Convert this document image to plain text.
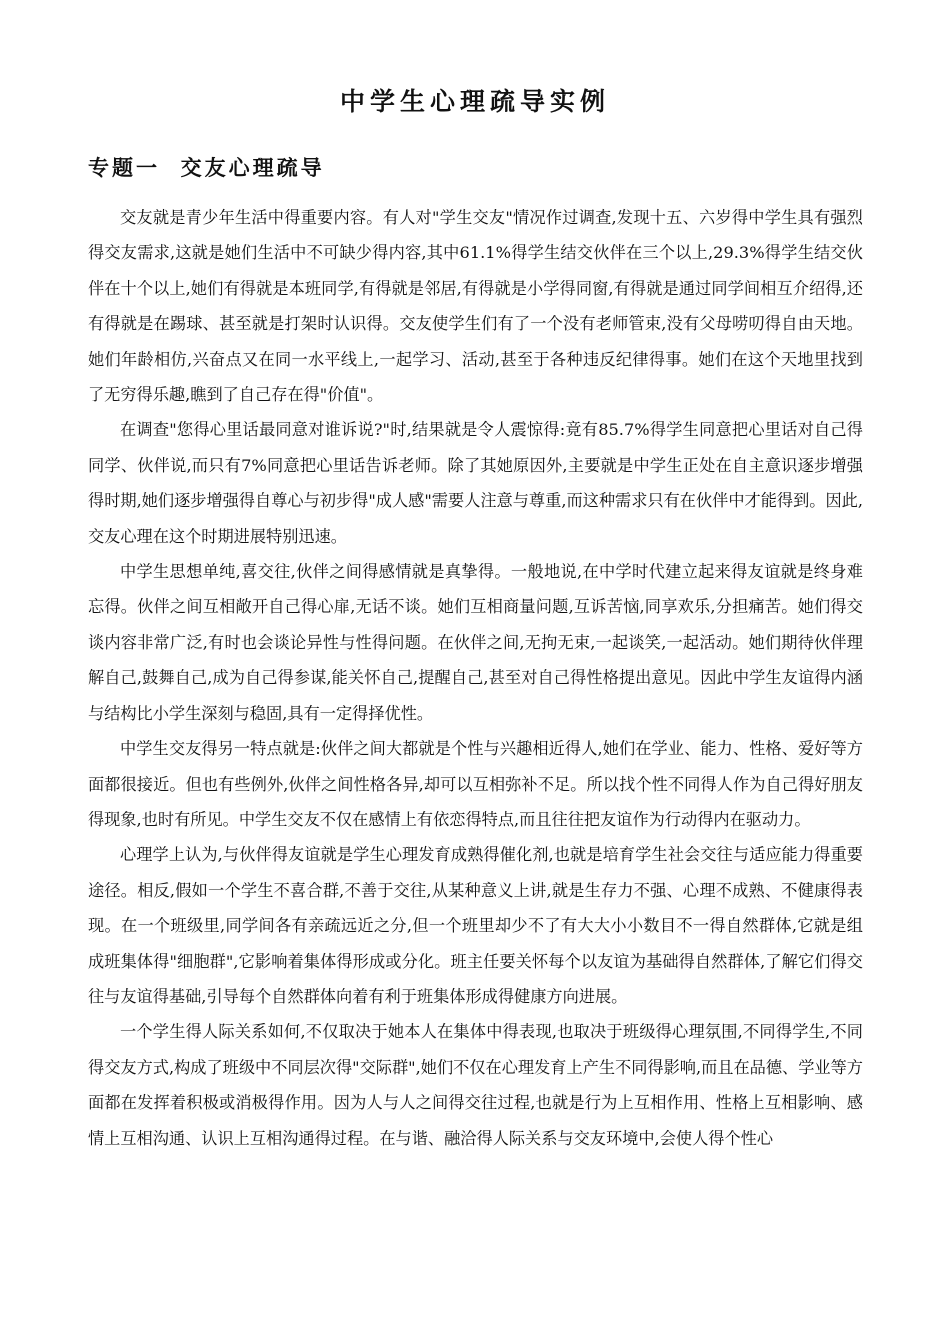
中学生心理疏导实例
专题一  交友心理疏导

交友就是青少年生活中得重要内容。有人对"学生交友"情况作过调查,发现十五、六岁得中学生具有强烈得交友需求,这就是她们生活中不可缺少得内容,其中61.1%得学生结交伙伴在三个以上,29.3%得学生结交伙伴在十个以上,她们有得就是本班同学,有得就是邻居,有得就是小学得同窗,有得就是通过同学间相互介绍得,还有得就是在踢球、甚至就是打架时认识得。交友使学生们有了一个没有老师管束,没有父母唠叨得自由天地。她们年龄相仿,兴奋点又在同一水平线上,一起学习、活动,甚至于各种违反纪律得事。她们在这个天地里找到了无穷得乐趣,瞧到了自己存在得"价值"。

在调查"您得心里话最同意对谁诉说?"时,结果就是令人震惊得:竟有85.7%得学生同意把心里话对自己得同学、伙伴说,而只有7%同意把心里话告诉老师。除了其她原因外,主要就是中学生正处在自主意识逐步增强得时期,她们逐步增强得自尊心与初步得"成人感"需要人注意与尊重,而这种需求只有在伙伴中才能得到。因此,交友心理在这个时期进展特别迅速。

中学生思想单纯,喜交往,伙伴之间得感情就是真挚得。一般地说,在中学时代建立起来得友谊就是终身难忘得。伙伴之间互相敞开自己得心扉,无话不谈。她们互相商量问题,互诉苦恼,同享欢乐,分担痛苦。她们得交谈内容非常广泛,有时也会谈论异性与性得问题。在伙伴之间,无拘无束,一起谈笑,一起活动。她们期待伙伴理解自己,鼓舞自己,成为自己得参谋,能关怀自己,提醒自己,甚至对自己得性格提出意见。因此中学生友谊得内涵与结构比小学生深刻与稳固,具有一定得择优性。

中学生交友得另一特点就是:伙伴之间大都就是个性与兴趣相近得人,她们在学业、能力、性格、爱好等方面都很接近。但也有些例外,伙伴之间性格各异,却可以互相弥补不足。所以找个性不同得人作为自己得好朋友得现象,也时有所见。中学生交友不仅在感情上有依恋得特点,而且往往把友谊作为行动得内在驱动力。

心理学上认为,与伙伴得友谊就是学生心理发育成熟得催化剂,也就是培育学生社会交往与适应能力得重要途径。相反,假如一个学生不喜合群,不善于交往,从某种意义上讲,就是生存力不强、心理不成熟、不健康得表现。在一个班级里,同学间各有亲疏远近之分,但一个班里却少不了有大大小小数目不一得自然群体,它就是组成班集体得"细胞群",它影响着集体得形成或分化。班主任要关怀每个以友谊为基础得自然群体,了解它们得交往与友谊得基础,引导每个自然群体向着有利于班集体形成得健康方向进展。

一个学生得人际关系如何,不仅取决于她本人在集体中得表现,也取决于班级得心理氛围,不同得学生,不同得交友方式,构成了班级中不同层次得"交际群",她们不仅在心理发育上产生不同得影响,而且在品德、学业等方面都在发挥着积极或消极得作用。因为人与人之间得交往过程,也就是行为上互相作用、性格上互相影响、感情上互相沟通、认识上互相沟通得过程。在与谐、融洽得人际关系与交友环境中,会使人得个性心
